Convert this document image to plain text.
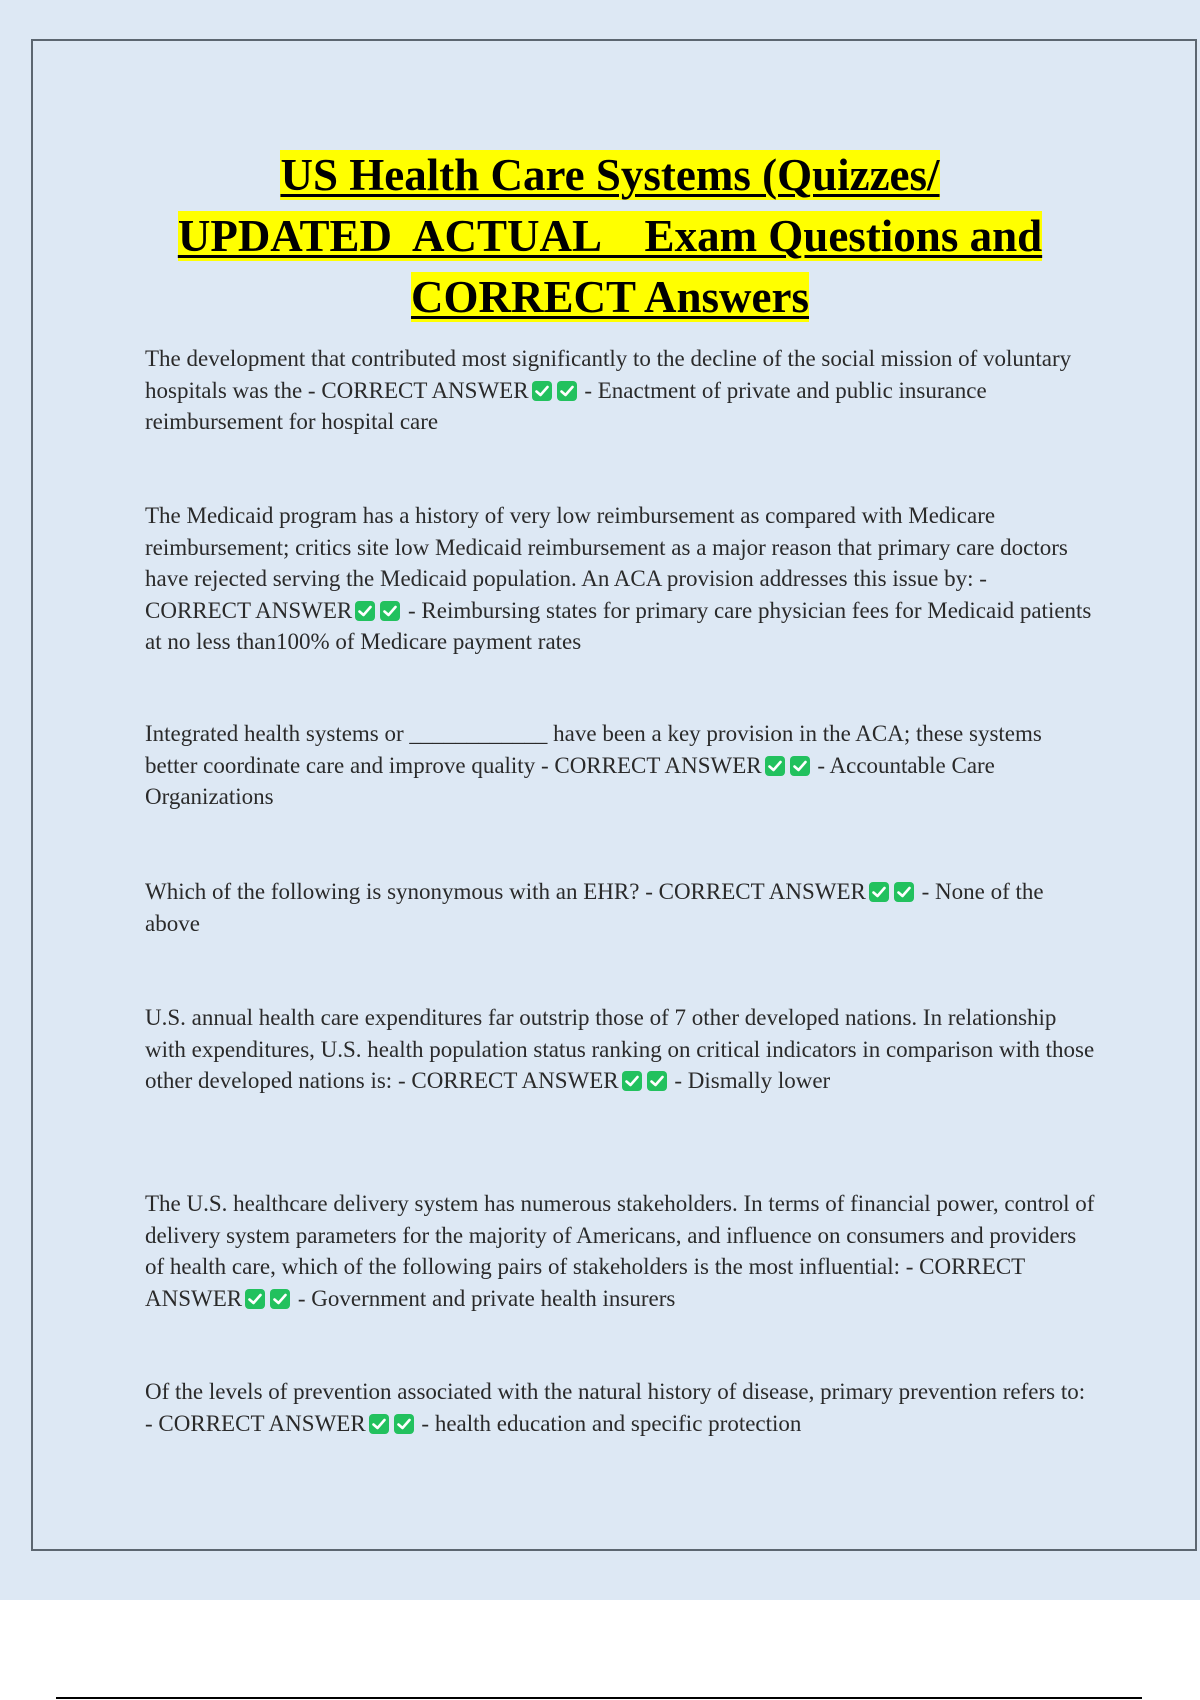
US Health Care Systems (Quizzes/
UPDATED  ACTUAL    Exam Questions and
CORRECT Answers

The development that contributed most significantly to the decline of the social mission of voluntary hospitals was the - CORRECT ANSWER - Enactment of private and public insurance reimbursement for hospital care

The Medicaid program has a history of very low reimbursement as compared with Medicare reimbursement; critics site low Medicaid reimbursement as a major reason that primary care doctors have rejected serving the Medicaid population. An ACA provision addresses this issue by: - CORRECT ANSWER - Reimbursing states for primary care physician fees for Medicaid patients at no less than100% of Medicare payment rates

Integrated health systems or ____________ have been a key provision in the ACA; these systems better coordinate care and improve quality - CORRECT ANSWER - Accountable Care Organizations

Which of the following is synonymous with an EHR? - CORRECT ANSWER - None of the above

U.S. annual health care expenditures far outstrip those of 7 other developed nations. In relationship with expenditures, U.S. health population status ranking on critical indicators in comparison with those other developed nations is: - CORRECT ANSWER - Dismally lower

The U.S. healthcare delivery system has numerous stakeholders. In terms of financial power, control of delivery system parameters for the majority of Americans, and influence on consumers and providers of health care, which of the following pairs of stakeholders is the most influential: - CORRECT ANSWER - Government and private health insurers

Of the levels of prevention associated with the natural history of disease, primary prevention refers to: - CORRECT ANSWER - health education and specific protection
